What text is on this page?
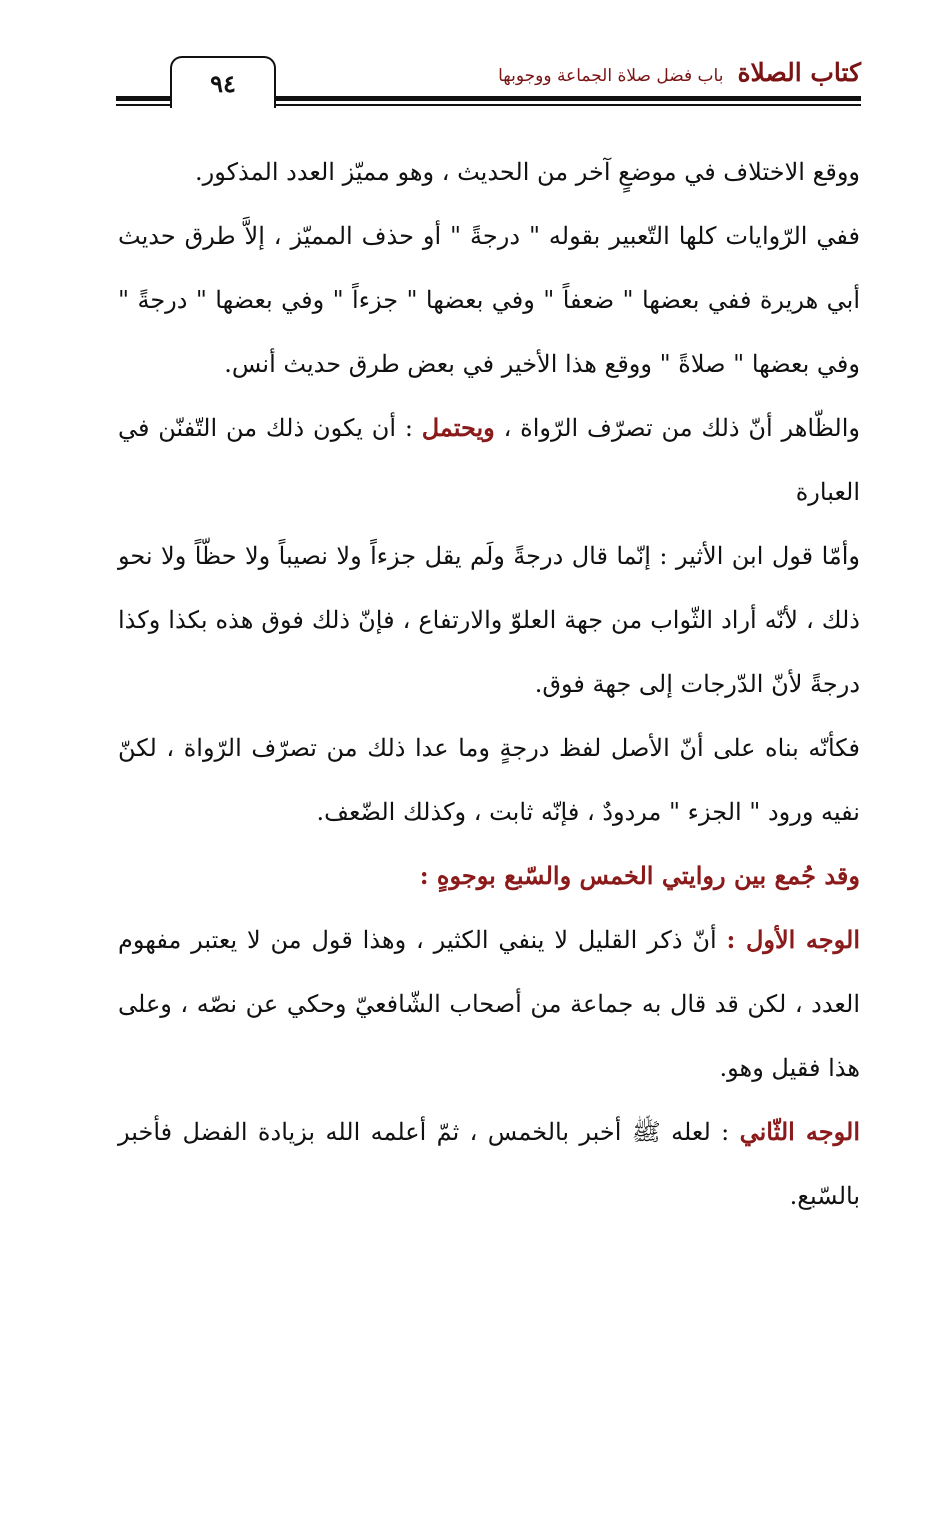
٩٤	كتاب الصلاة
باب فضل صلاة الجماعة ووجوبها

ووقع الاختلاف في موضعٍ آخر من الحديث ، وهو مميّز العدد المذكور.

ففي الرّوايات كلها التّعبير بقوله " درجةً " أو حذف المميّز ، إلاَّ طرق حديث أبي هريرة ففي بعضها " ضعفاً " وفي بعضها " جزءاً " وفي بعضها " درجةً " وفي بعضها " صلاةً " ووقع هذا الأخير في بعض طرق حديث أنس.

والظّاهر أنّ ذلك من تصرّف الرّواة ، ويحتمل : أن يكون ذلك من التّفنّن في العبارة

وأمّا قول ابن الأثير : إنّما قال درجةً ولَم يقل جزءاً ولا نصيباً ولا حظّاً ولا نحو ذلك ، لأنّه أراد الثّواب من جهة العلوّ والارتفاع ، فإنّ ذلك فوق هذه بكذا وكذا درجةً لأنّ الدّرجات إلى جهة فوق.

فكأنّه بناه على أنّ الأصل لفظ درجةٍ وما عدا ذلك من تصرّف الرّواة ، لكنّ نفيه ورود " الجزء " مردودٌ ، فإنّه ثابت ، وكذلك الضّعف.

وقد جُمع بين روايتي الخمس والسّبع بوجوهٍ :

الوجه الأول : أنّ ذكر القليل لا ينفي الكثير ، وهذا قول من لا يعتبر مفهوم العدد ، لكن قد قال به جماعة من أصحاب الشّافعيّ وحكي عن نصّه ، وعلى هذا فقيل وهو.

الوجه الثّاني : لعله ﷺ أخبر بالخمس ، ثمّ أعلمه الله بزيادة الفضل فأخبر بالسّبع.
